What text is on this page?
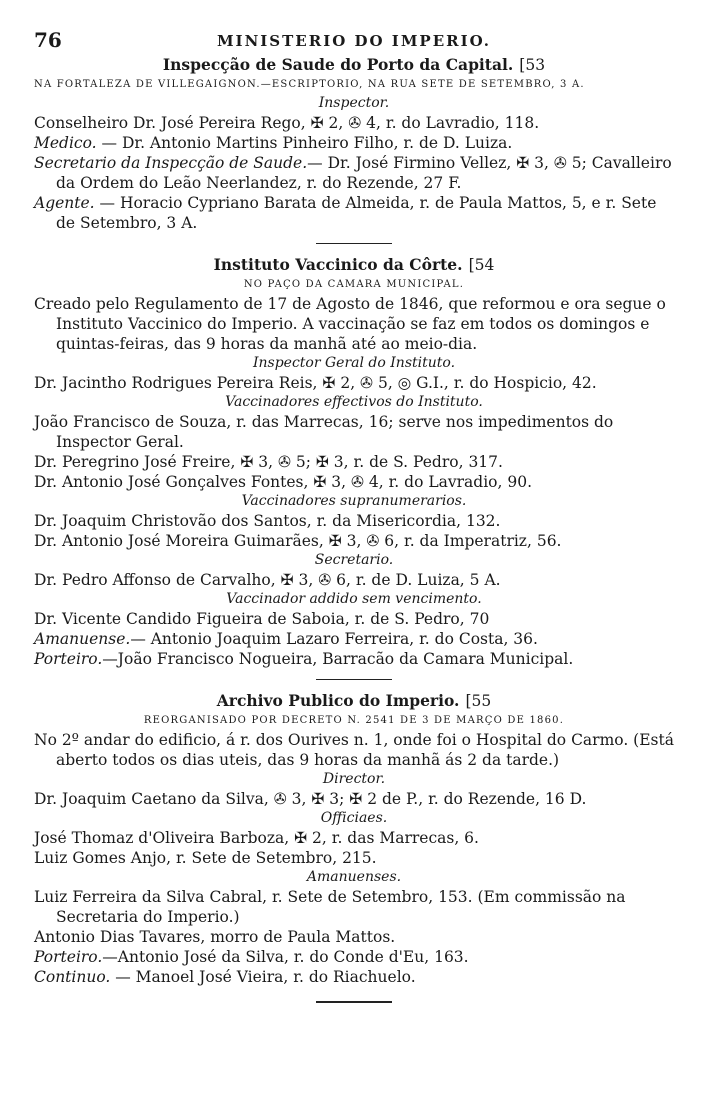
76	MINISTERIO DO IMPERIO.
Inspecção de Saude do Porto da Capital. [53
NA FORTALEZA DE VILLEGAIGNON.—ESCRIPTORIO, NA RUA SETE DE SETEMBRO, 3 A.
Inspector.

Conselheiro Dr. José Pereira Rego, ✠ 2, ✇ 4, r. do Lavradio, 118.

Medico. — Dr. Antonio Martins Pinheiro Filho, r. de D. Luiza.

Secretario da Inspecção de Saude.— Dr. José Firmino Vellez, ✠ 3, ✇ 5; Cavalleiro da Ordem do Leão Neerlandez, r. do Rezende, 27 F.

Agente. — Horacio Cypriano Barata de Almeida, r. de Paula Mattos, 5, e r. Sete de Setembro, 3 A.

Instituto Vaccinico da Côrte. [54
NO PAÇO DA CAMARA MUNICIPAL.

Creado pelo Regulamento de 17 de Agosto de 1846, que reformou e ora segue o Instituto Vaccinico do Imperio. A vaccinação se faz em todos os domingos e quintas-feiras, das 9 horas da manhã até ao meio-dia.

Inspector Geral do Instituto.

Dr. Jacintho Rodrigues Pereira Reis, ✠ 2, ✇ 5, ◎ G.I., r. do Hospicio, 42.

Vaccinadores effectivos do Instituto.

João Francisco de Souza, r. das Marrecas, 16; serve nos impedimentos do Inspector Geral.

Dr. Peregrino José Freire, ✠ 3, ✇ 5; ✠ 3, r. de S. Pedro, 317.

Dr. Antonio José Gonçalves Fontes, ✠ 3, ✇ 4, r. do Lavradio, 90.

Vaccinadores supranumerarios.

Dr. Joaquim Christovão dos Santos, r. da Misericordia, 132.

Dr. Antonio José Moreira Guimarães, ✠ 3, ✇ 6, r. da Imperatriz, 56.

Secretario.

Dr. Pedro Affonso de Carvalho, ✠ 3, ✇ 6, r. de D. Luiza, 5 A.

Vaccinador addido sem vencimento.

Dr. Vicente Candido Figueira de Saboia, r. de S. Pedro, 70

Amanuense.— Antonio Joaquim Lazaro Ferreira, r. do Costa, 36.

Porteiro.—João Francisco Nogueira, Barracão da Camara Municipal.

Archivo Publico do Imperio. [55
REORGANISADO POR DECRETO N. 2541 DE 3 DE MARÇO DE 1860.

No 2º andar do edificio, á r. dos Ourives n. 1, onde foi o Hospital do Carmo. (Está aberto todos os dias uteis, das 9 horas da manhã ás 2 da tarde.)

Director.

Dr. Joaquim Caetano da Silva, ✇ 3, ✠ 3; ✠ 2 de P., r. do Rezende, 16 D.

Officiaes.

José Thomaz d'Oliveira Barboza, ✠ 2, r. das Marrecas, 6.

Luiz Gomes Anjo, r. Sete de Setembro, 215.

Amanuenses.

Luiz Ferreira da Silva Cabral, r. Sete de Setembro, 153. (Em commissão na Secretaria do Imperio.)

Antonio Dias Tavares, morro de Paula Mattos.

Porteiro.—Antonio José da Silva, r. do Conde d'Eu, 163.

Continuo. — Manoel José Vieira, r. do Riachuelo.
